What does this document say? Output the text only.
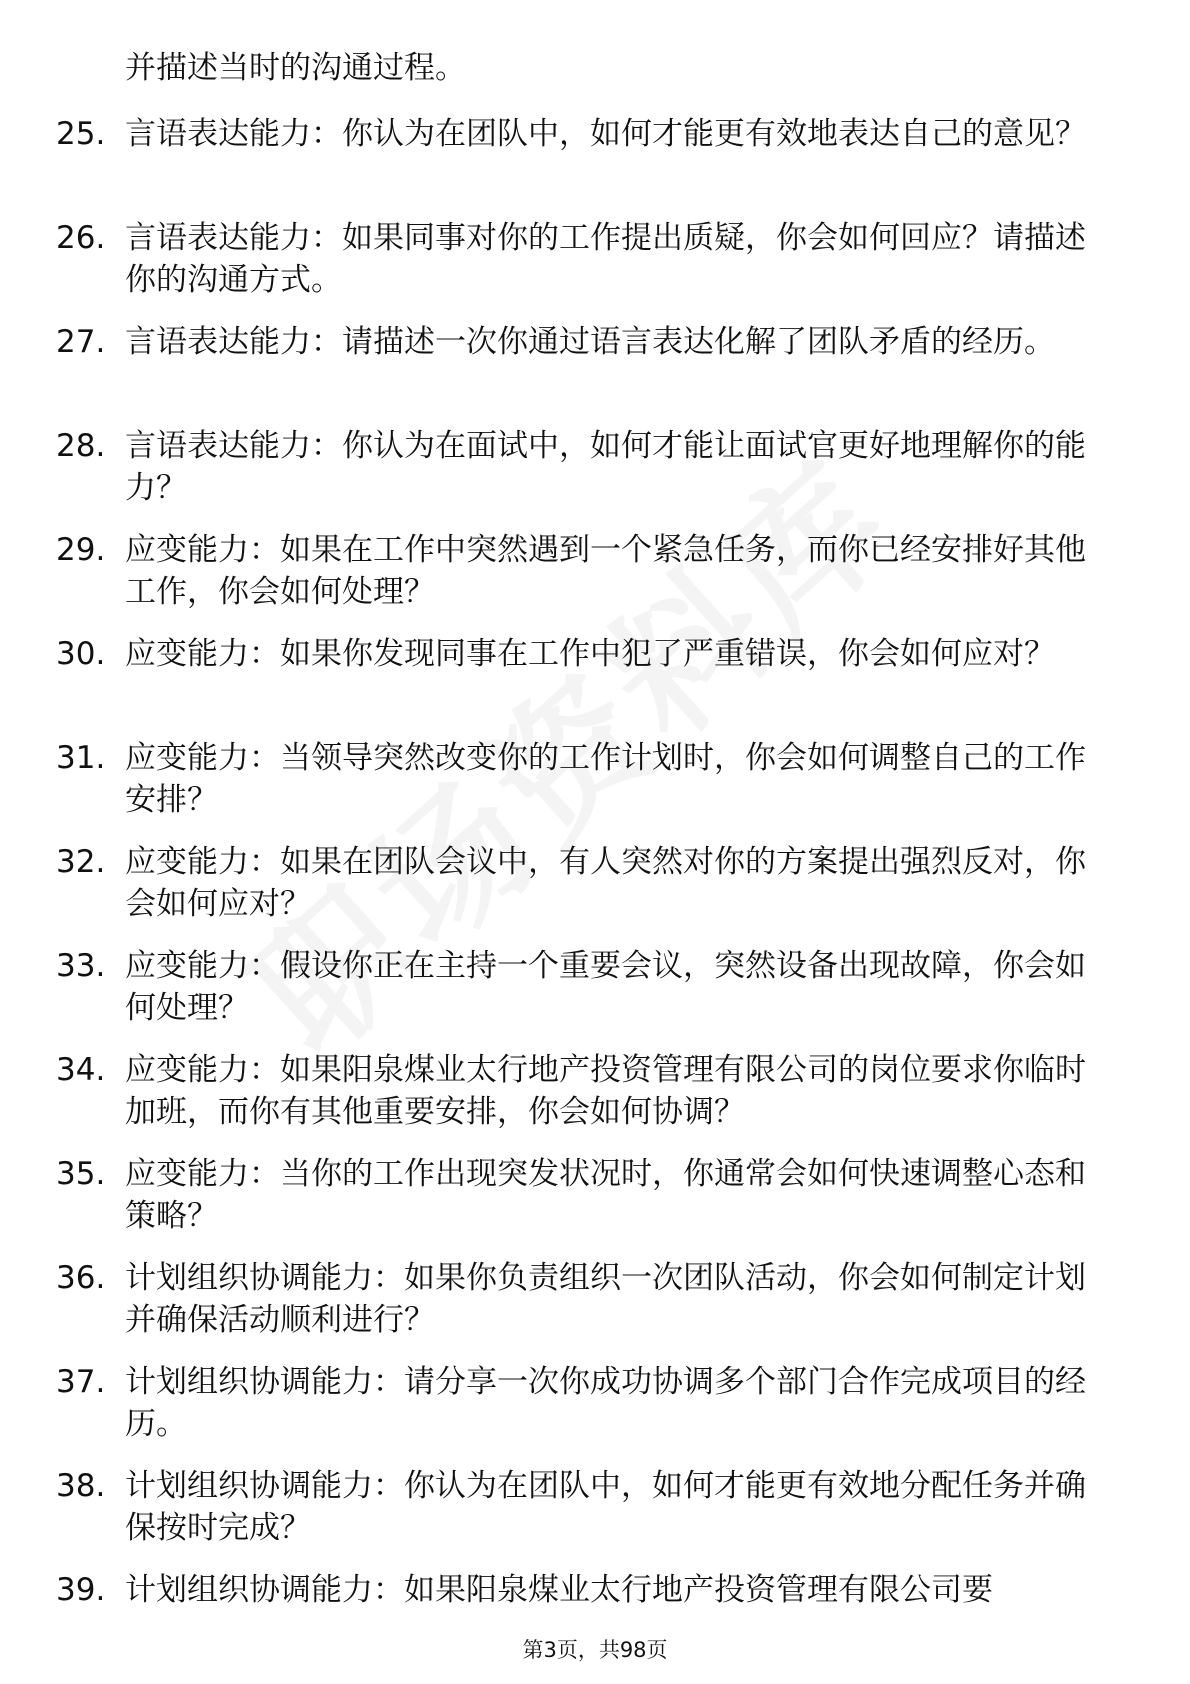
并描述当时的沟通过程。
25. 言语表达能力：你认为在团队中，如何才能更有效地表达自己的意见？
26. 言语表达能力：如果同事对你的工作提出质疑，你会如何回应？请描述你的沟通方式。
27. 言语表达能力：请描述一次你通过语言表达化解了团队矛盾的经历。
28. 言语表达能力：你认为在面试中，如何才能让面试官更好地理解你的能力？
29. 应变能力：如果在工作中突然遇到一个紧急任务，而你已经安排好其他工作，你会如何处理？
30. 应变能力：如果你发现同事在工作中犯了严重错误，你会如何应对？
31. 应变能力：当领导突然改变你的工作计划时，你会如何调整自己的工作安排？
32. 应变能力：如果在团队会议中，有人突然对你的方案提出强烈反对，你会如何应对？
33. 应变能力：假设你正在主持一个重要会议，突然设备出现故障，你会如何处理？
34. 应变能力：如果阳泉煤业太行地产投资管理有限公司的岗位要求你临时加班，而你有其他重要安排，你会如何协调？
35. 应变能力：当你的工作出现突发状况时，你通常会如何快速调整心态和策略？
36. 计划组织协调能力：如果你负责组织一次团队活动，你会如何制定计划并确保活动顺利进行？
37. 计划组织协调能力：请分享一次你成功协调多个部门合作完成项目的经历。
38. 计划组织协调能力：你认为在团队中，如何才能更有效地分配任务并确保按时完成？
39. 计划组织协调能力：如果阳泉煤业太行地产投资管理有限公司要
第3页，共98页
